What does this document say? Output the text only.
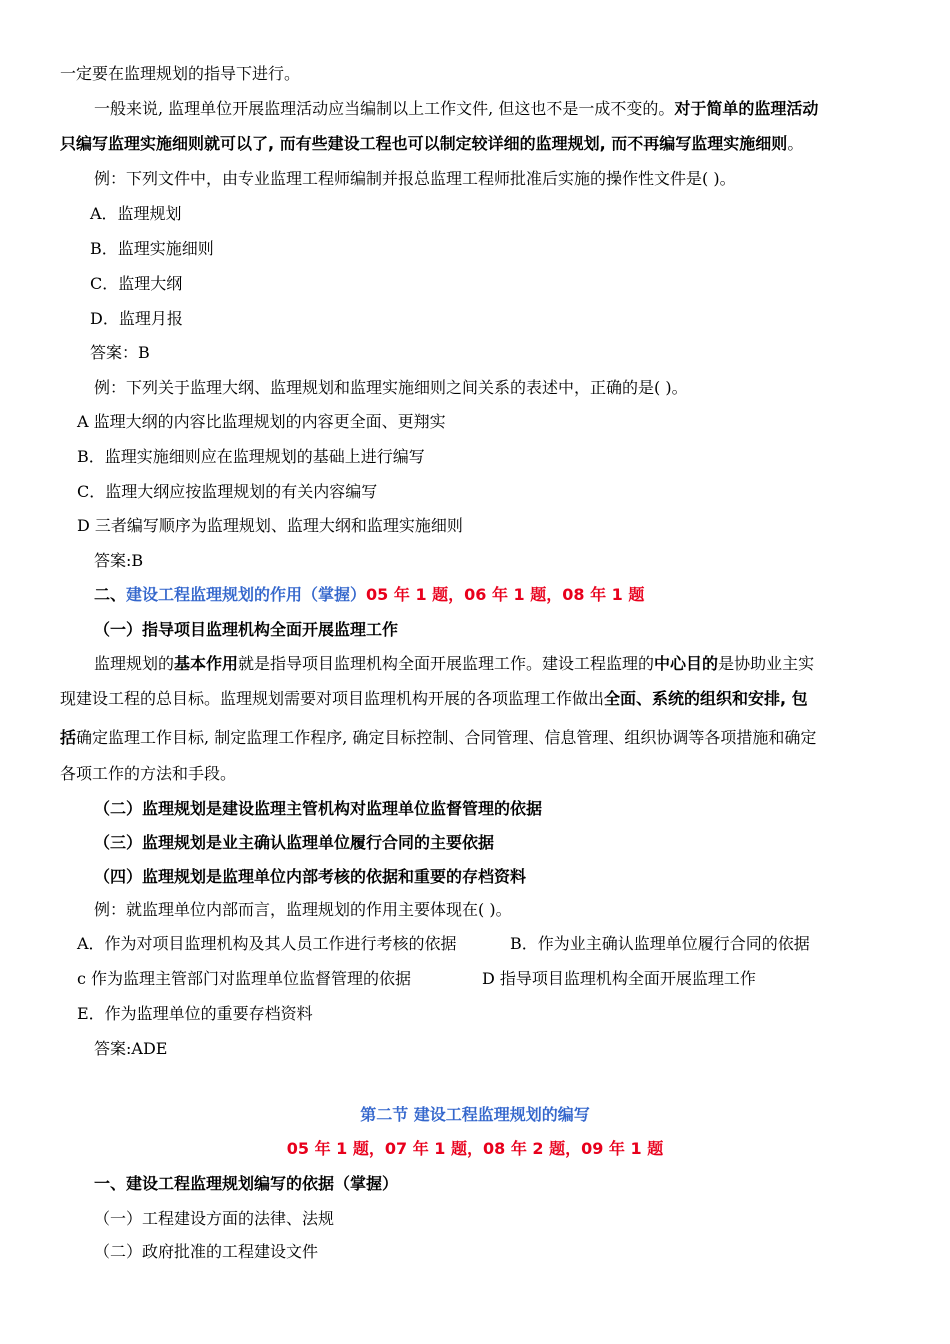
一定要在监理规划的指导下进行。
一般来说, 监理单位开展监理活动应当编制以上工作文件, 但这也不是一成不变的。对于简单的监理活动
只编写监理实施细则就可以了, 而有些建设工程也可以制定较详细的监理规划, 而不再编写监理实施细则。
例：下列文件中，由专业监理工程师编制并报总监理工程师批准后实施的操作性文件是( )。
A．监理规划
B．监理实施细则
C．监理大纲
D．监理月报
答案：B
例：下列关于监理大纲、监理规划和监理实施细则之间关系的表述中，正确的是( )。
A 监理大纲的内容比监理规划的内容更全面、更翔实
B．监理实施细则应在监理规划的基础上进行编写
C．监理大纲应按监理规划的有关内容编写
D 三者编写顺序为监理规划、监理大纲和监理实施细则
答案:B
二、建设工程监理规划的作用（掌握）05 年 1 题，06 年 1 题，08 年 1 题
（一）指导项目监理机构全面开展监理工作
监理规划的基本作用就是指导项目监理机构全面开展监理工作。建设工程监理的中心目的是协助业主实
现建设工程的总目标。监理规划需要对项目监理机构开展的各项监理工作做出全面、系统的组织和安排, 包
括确定监理工作目标, 制定监理工作程序, 确定目标控制、合同管理、信息管理、组织协调等各项措施和确定
各项工作的方法和手段。
（二）监理规划是建设监理主管机构对监理单位监督管理的依据
（三）监理规划是业主确认监理单位履行合同的主要依据
（四）监理规划是监理单位内部考核的依据和重要的存档资料
例：就监理单位内部而言，监理规划的作用主要体现在( )。
A．作为对项目监理机构及其人员工作进行考核的依据	B．作为业主确认监理单位履行合同的依据
c 作为监理主管部门对监理单位监督管理的依据	D 指导项目监理机构全面开展监理工作
E．作为监理单位的重要存档资料
答案:ADE
第二节 建设工程监理规划的编写
05 年 1 题，07 年 1 题，08 年 2 题，09 年 1 题
一、建设工程监理规划编写的依据（掌握）
（一）工程建设方面的法律、法规
（二）政府批准的工程建设文件
